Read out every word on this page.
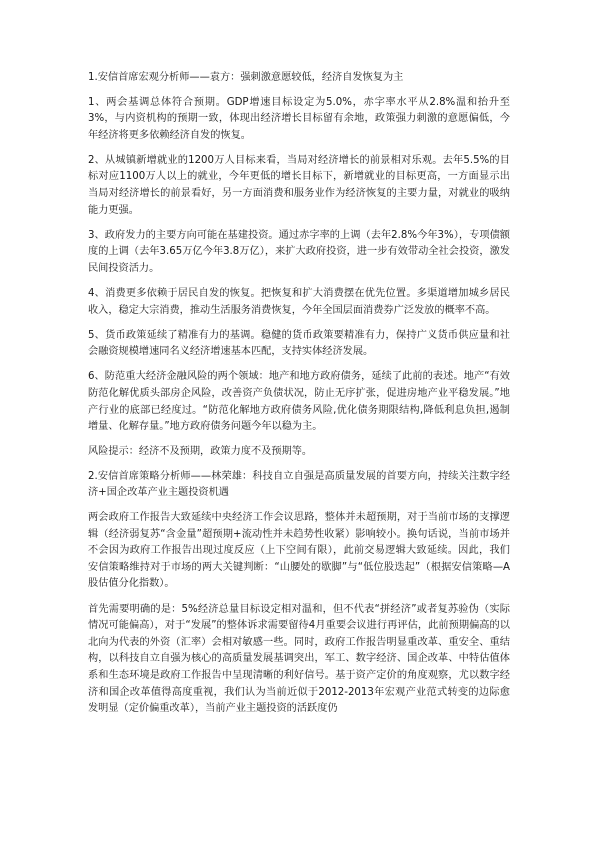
1.安信首席宏观分析师——袁方：强刺激意愿较低，经济自发恢复为主

1、两会基调总体符合预期。GDP增速目标设定为5.0%，赤字率水平从2.8%温和抬升至3%，与内资机构的预期一致，体现出经济增长目标留有余地，政策强力刺激的意愿偏低，今年经济将更多依赖经济自发的恢复。

2、从城镇新增就业的1200万人目标来看，当局对经济增长的前景相对乐观。去年5.5%的目标对应1100万人以上的就业，今年更低的增长目标下，新增就业的目标更高，一方面显示出当局对经济增长的前景看好，另一方面消费和服务业作为经济恢复的主要力量，对就业的吸纳能力更强。

3、政府发力的主要方向可能在基建投资。通过赤字率的上调（去年2.8%今年3%），专项债额度的上调（去年3.65万亿今年3.8万亿），来扩大政府投资，进一步有效带动全社会投资，激发民间投资活力。

4、消费更多依赖于居民自发的恢复。把恢复和扩大消费摆在优先位置。多渠道增加城乡居民收入，稳定大宗消费，推动生活服务消费恢复，今年全国层面消费券广泛发放的概率不高。

5、货币政策延续了精准有力的基调。稳健的货币政策要精准有力，保持广义货币供应量和社会融资规模增速同名义经济增速基本匹配，支持实体经济发展。

6、防范重大经济金融风险的两个领域：地产和地方政府债务，延续了此前的表述。地产“有效防范化解优质头部房企风险，改善资产负债状况，防止无序扩张，促进房地产业平稳发展。”地产行业的底部已经度过。“防范化解地方政府债务风险,优化债务期限结构,降低利息负担,遏制增量、化解存量。”地方政府债务问题今年以稳为主。

风险提示：经济不及预期，政策力度不及预期等。

2.安信首席策略分析师——林荣雄：科技自立自强是高质量发展的首要方向，持续关注数字经济+国企改革产业主题投资机遇

两会政府工作报告大致延续中央经济工作会议思路，整体并未超预期，对于当前市场的支撑逻辑（经济弱复苏“含金量”超预期+流动性并未趋势性收紧）影响较小。换句话说，当前市场并不会因为政府工作报告出现过度反应（上下空间有限），此前交易逻辑大致延续。因此，我们安信策略维持对于市场的两大关键判断：“山腰处的歇脚”与“低位股迭起”（根据安信策略—A股估值分化指数）。

首先需要明确的是：5%经济总量目标设定相对温和，但不代表“拼经济”或者复苏验伪（实际情况可能偏高），对于“发展”的整体诉求需要留待4月重要会议进行再评估，此前预期偏高的以北向为代表的外资（汇率）会相对敏感一些。同时，政府工作报告明显重改革、重安全、重结构，以科技自立自强为核心的高质量发展基调突出，军工、数字经济、国企改革、中特估值体系和生态环境是政府工作报告中呈现清晰的利好信号。基于资产定价的角度观察，尤以数字经济和国企改革值得高度重视，我们认为当前近似于2012-2013年宏观产业范式转变的边际愈发明显（定价偏重改革），当前产业主题投资的活跃度仍
